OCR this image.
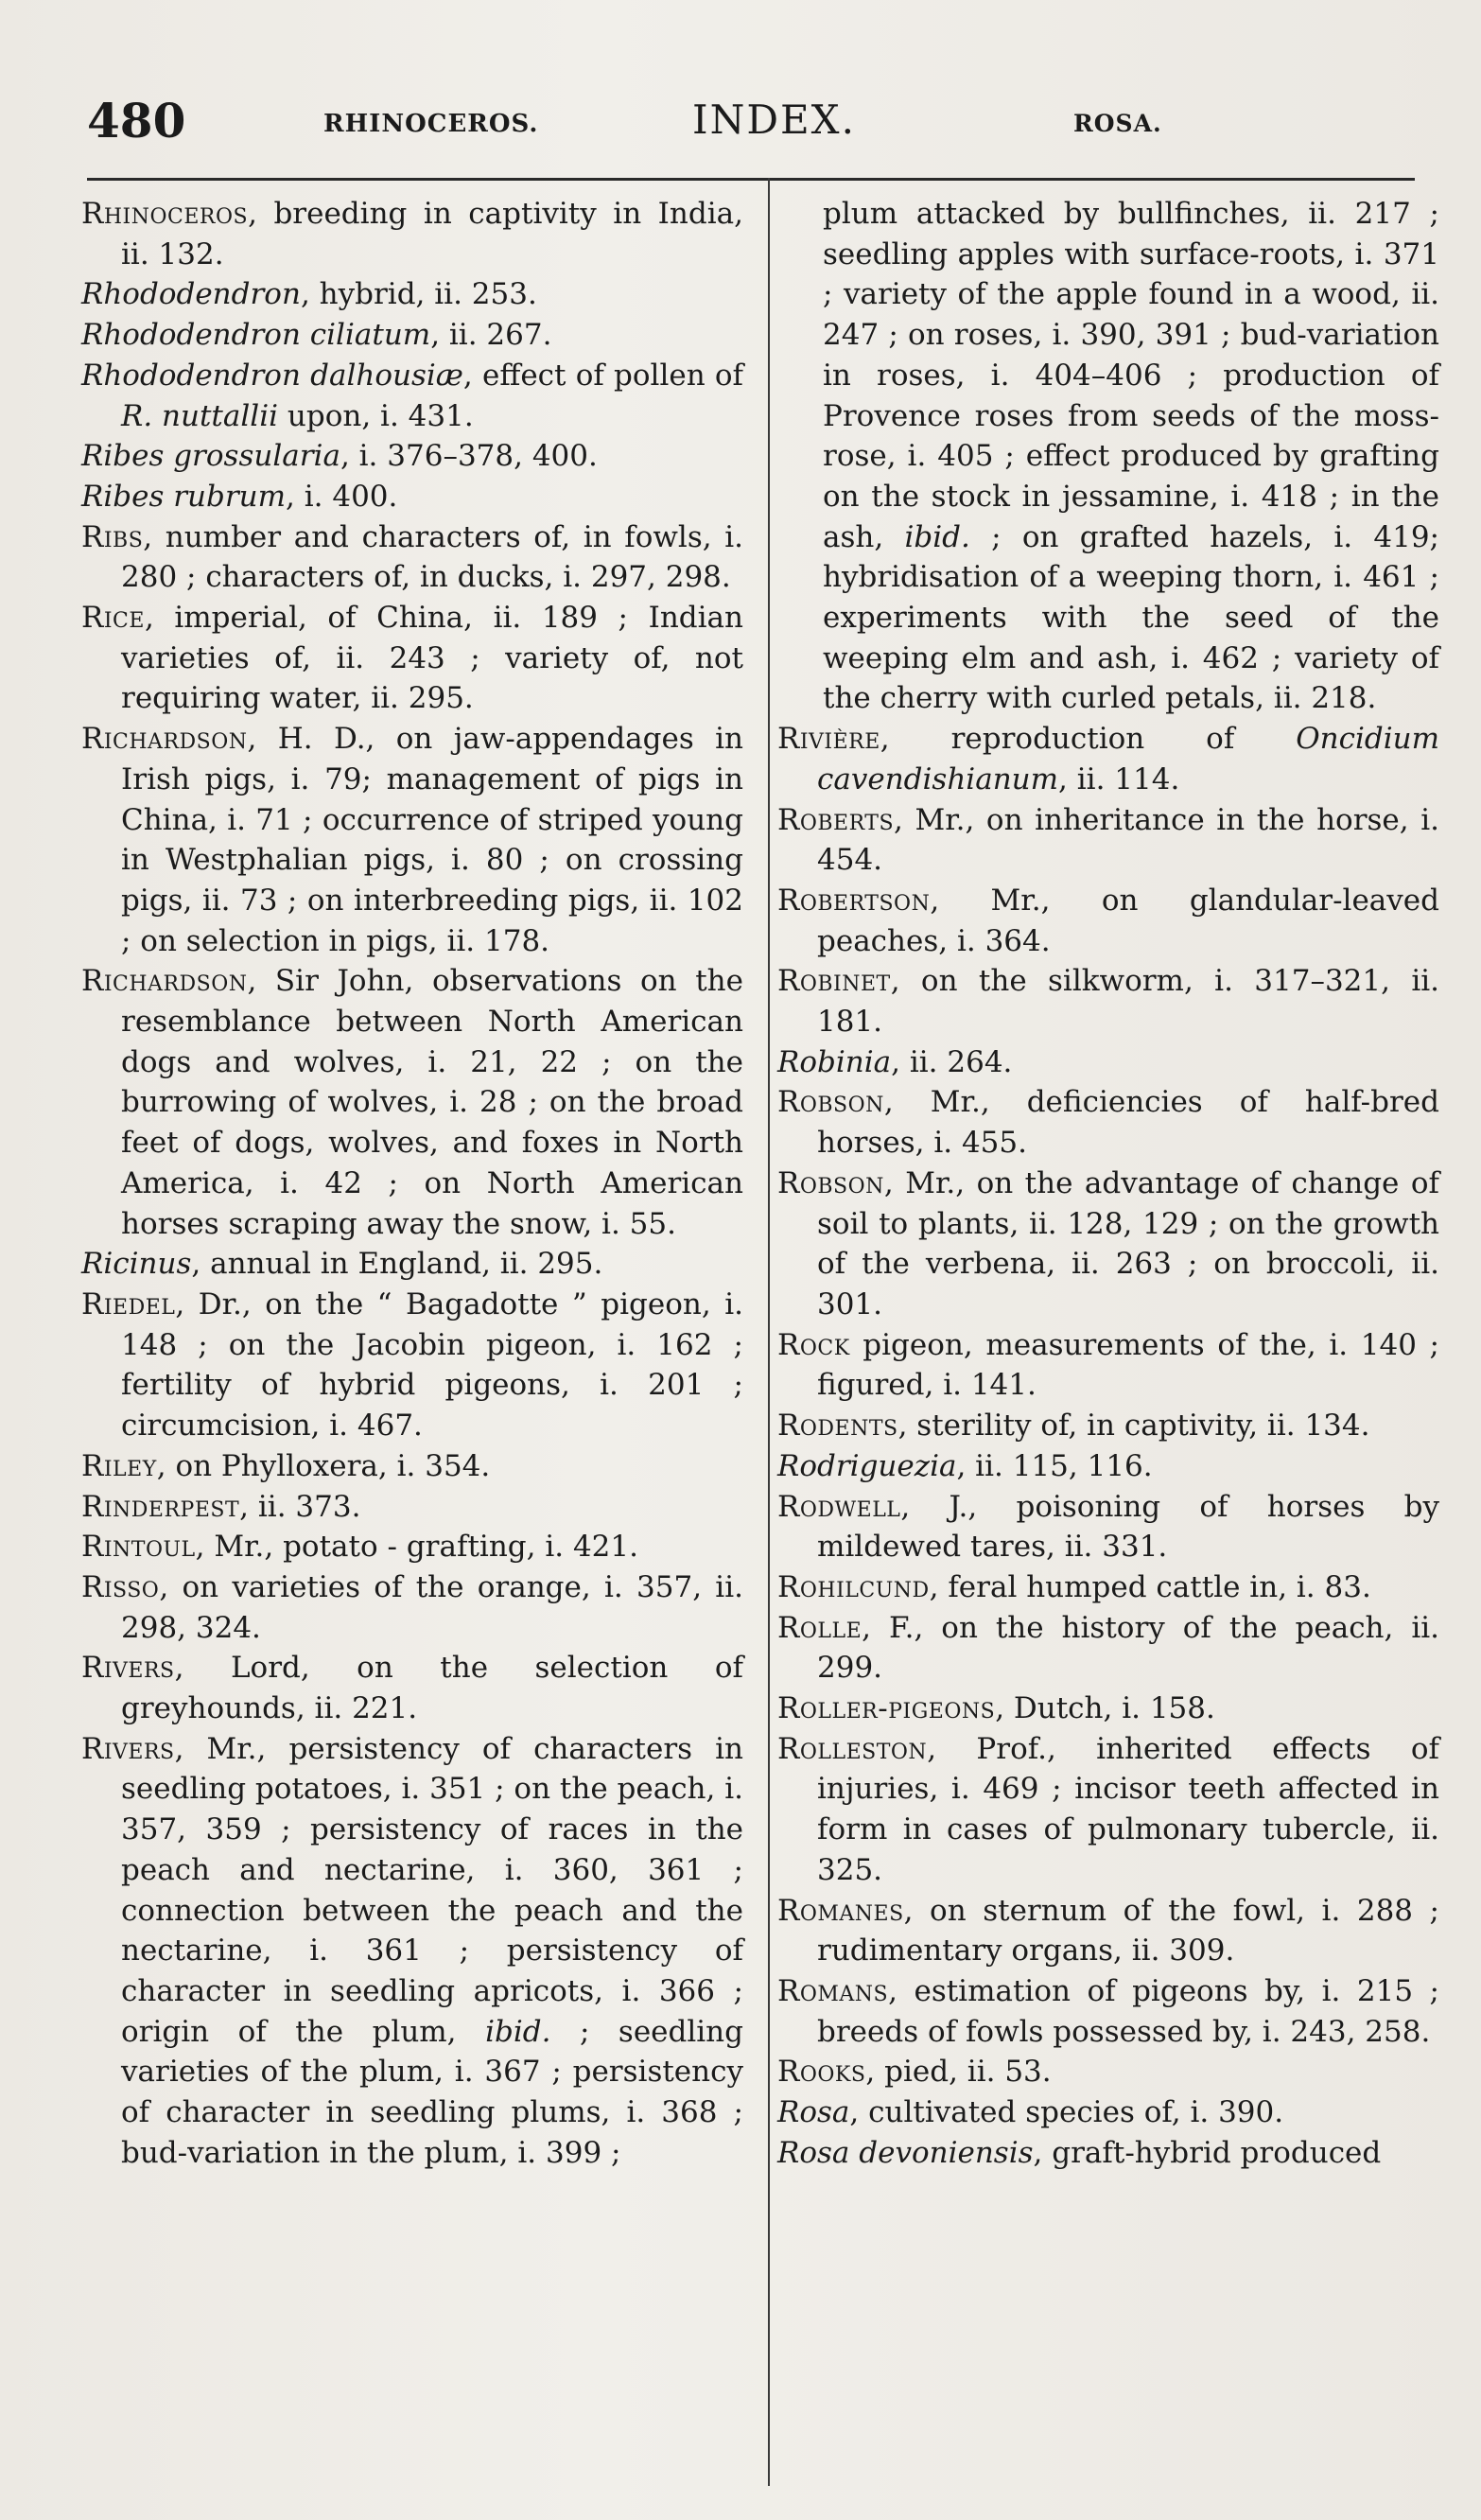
480	RHINOCEROS.	INDEX.	ROSA.

Rhinoceros, breeding in captivity in India, ii. 132.

Rhododendron, hybrid, ii. 253.

Rhododendron ciliatum, ii. 267.

Rhododendron dalhousiæ, effect of pollen of R. nuttallii upon, i. 431.

Ribes grossularia, i. 376–378, 400.

Ribes rubrum, i. 400.

Ribs, number and characters of, in fowls, i. 280 ; characters of, in ducks, i. 297, 298.

Rice, imperial, of China, ii. 189 ; Indian varieties of, ii. 243 ; variety of, not requiring water, ii. 295.

Richardson, H. D., on jaw-appendages in Irish pigs, i. 79; management of pigs in China, i. 71 ; occurrence of striped young in Westphalian pigs, i. 80 ; on crossing pigs, ii. 73 ; on interbreeding pigs, ii. 102 ; on selection in pigs, ii. 178.

Richardson, Sir John, observations on the resemblance between North American dogs and wolves, i. 21, 22 ; on the burrowing of wolves, i. 28 ; on the broad feet of dogs, wolves, and foxes in North America, i. 42 ; on North American horses scraping away the snow, i. 55.

Ricinus, annual in England, ii. 295.

Riedel, Dr., on the “ Bagadotte ” pigeon, i. 148 ; on the Jacobin pigeon, i. 162 ; fertility of hybrid pigeons, i. 201 ; circumcision, i. 467.

Riley, on Phylloxera, i. 354.

Rinderpest, ii. 373.

Rintoul, Mr., potato - grafting, i. 421.

Risso, on varieties of the orange, i. 357, ii. 298, 324.

Rivers, Lord, on the selection of greyhounds, ii. 221.

Rivers, Mr., persistency of characters in seedling potatoes, i. 351 ; on the peach, i. 357, 359 ; persistency of races in the peach and nectarine, i. 360, 361 ; connection between the peach and the nectarine, i. 361 ; persistency of character in seedling apricots, i. 366 ; origin of the plum, ibid. ; seedling varieties of the plum, i. 367 ; persistency of character in seedling plums, i. 368 ; bud-variation in the plum, i. 399 ;

plum attacked by bullfinches, ii. 217 ; seedling apples with surface-roots, i. 371 ; variety of the apple found in a wood, ii. 247 ; on roses, i. 390, 391 ; bud-variation in roses, i. 404–406 ; production of Provence roses from seeds of the moss-rose, i. 405 ; effect produced by grafting on the stock in jessamine, i. 418 ; in the ash, ibid. ; on grafted hazels, i. 419; hybridisation of a weeping thorn, i. 461 ; experiments with the seed of the weeping elm and ash, i. 462 ; variety of the cherry with curled petals, ii. 218.

Rivière, reproduction of Oncidium cavendishianum, ii. 114.

Roberts, Mr., on inheritance in the horse, i. 454.

Robertson, Mr., on glandular-leaved peaches, i. 364.

Robinet, on the silkworm, i. 317–321, ii. 181.

Robinia, ii. 264.

Robson, Mr., deficiencies of half-bred horses, i. 455.

Robson, Mr., on the advantage of change of soil to plants, ii. 128, 129 ; on the growth of the verbena, ii. 263 ; on broccoli, ii. 301.

Rock pigeon, measurements of the, i. 140 ; figured, i. 141.

Rodents, sterility of, in captivity, ii. 134.

Rodriguezia, ii. 115, 116.

Rodwell, J., poisoning of horses by mildewed tares, ii. 331.

Rohilcund, feral humped cattle in, i. 83.

Rolle, F., on the history of the peach, ii. 299.

Roller-pigeons, Dutch, i. 158.

Rolleston, Prof., inherited effects of injuries, i. 469 ; incisor teeth affected in form in cases of pulmonary tubercle, ii. 325.

Romanes, on sternum of the fowl, i. 288 ; rudimentary organs, ii. 309.

Romans, estimation of pigeons by, i. 215 ; breeds of fowls possessed by, i. 243, 258.

Rooks, pied, ii. 53.

Rosa, cultivated species of, i. 390.

Rosa devoniensis, graft-hybrid produced
